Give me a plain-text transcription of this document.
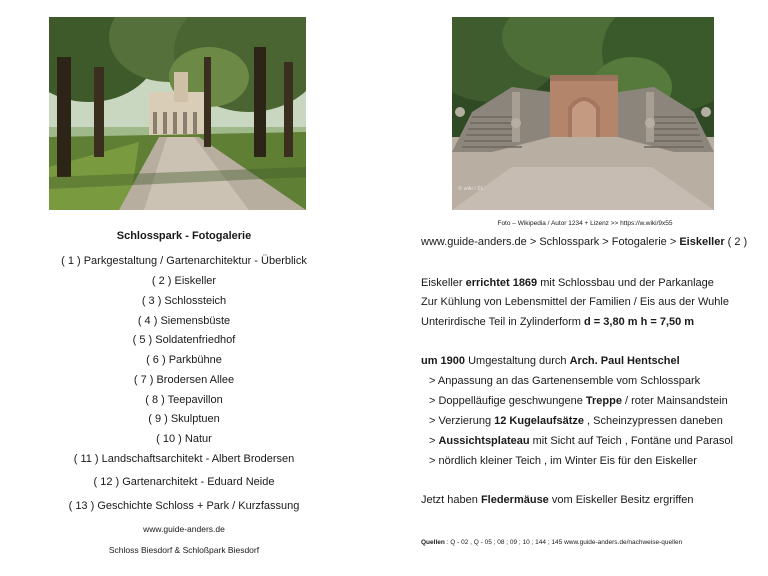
© wiki / 01
Schlosspark - Fotogalerie
( 1 ) Parkgestaltung / Gartenarchitektur - Überblick
( 2 ) Eiskeller
( 3 ) Schlossteich
( 4 ) Siemensbüste
( 5 ) Soldatenfriedhof
( 6 ) Parkbühne
( 7 ) Brodersen Allee
( 8 ) Teepavillon
( 9 ) Skulptuen
( 10 ) Natur
( 11 ) Landschaftsarchitekt - Albert Brodersen
( 12 ) Gartenarchitekt - Eduard Neide
( 13 ) Geschichte Schloss + Park / Kurzfassung
www.guide-anders.de
Schloss Biesdorf & Schloßpark Biesdorf
Foto – Wikipedia / Autor 1234 + Lizenz >> https://w.wiki/9x55
www.guide-anders.de > Schlosspark > Fotogalerie > Eiskeller ( 2 )
Eiskeller errichtet 1869 mit Schlossbau und der Parkanlage
Zur Kühlung von Lebensmittel der Familien / Eis aus der Wuhle
Unterirdische Teil in Zylinderform d = 3,80 m h = 7,50 m
um 1900 Umgestaltung durch Arch. Paul Hentschel
> Anpassung an das Gartenensemble vom Schlosspark
> Doppelläufige geschwungene Treppe / roter Mainsandstein
> Verzierung 12 Kugelaufsätze , Scheinzypressen daneben
> Aussichtsplateau mit Sicht auf Teich , Fontäne und Parasol
> nördlich kleiner Teich , im Winter Eis für den Eiskeller
Jetzt haben Fledermäuse vom Eiskeller Besitz ergriffen
Quellen : Q - 02 , Q - 05 ; 08 ; 09 ; 10 ; 144 ; 145 www.guide-anders.de/nachweise-quellen
